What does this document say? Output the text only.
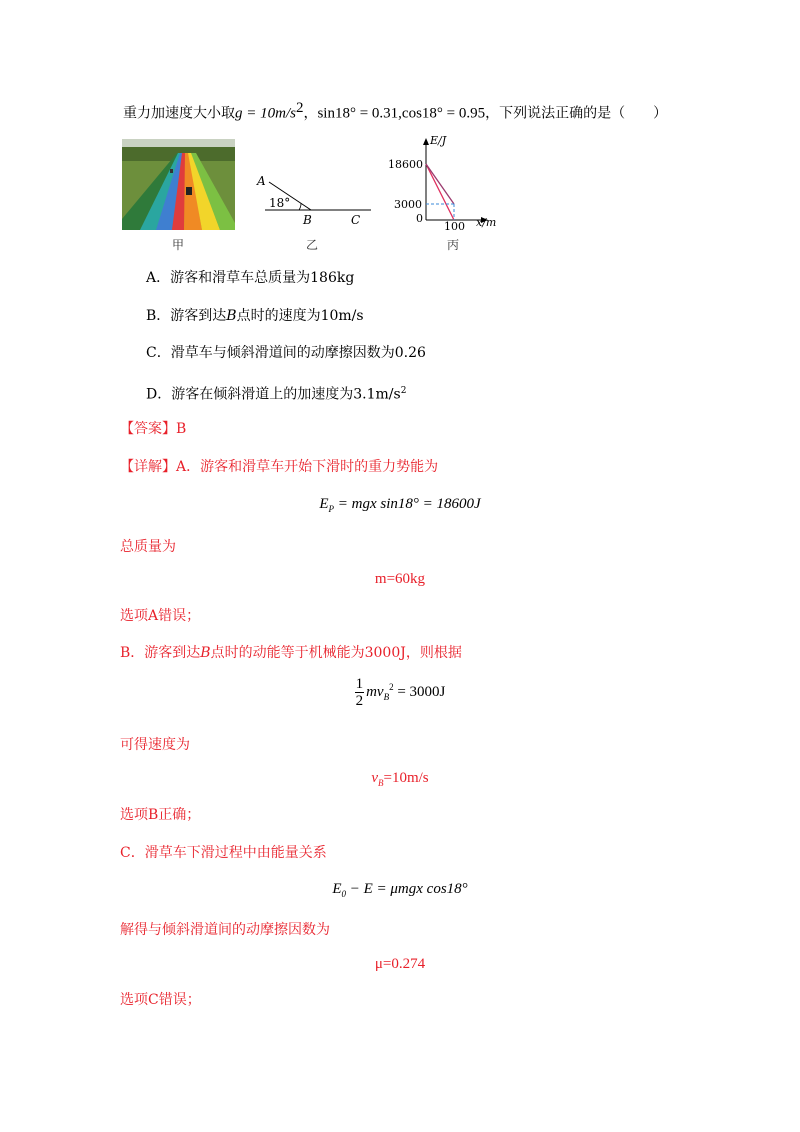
重力加速度大小取$g = 10m/s^2$，sin18° = 0.31,cos18° = 0.95，下列说法正确的是（　　）
甲
A
18°
B	C
乙
E/J
18600
3000
0
100 x/m
丙
A．游客和滑草车总质量为186kg
B．游客到达B点时的速度为10m/s
C．滑草车与倾斜滑道间的动摩擦因数为0.26
D．游客在倾斜滑道上的加速度为$3.1m/s^2$
【答案】B
【详解】A．游客和滑草车开始下滑时的重力势能为
$E_P$ = mgx sin18° = 18600J
总质量为
m=60kg
选项A错误；
B．游客到达B点时的动能等于机械能为3000J，则根据
$\frac{1}{2} mv_B^2 = 3000J$
可得速度为
$v_B=10m/s$
选项B正确；
C．滑草车下滑过程中由能量关系
$E_0 - E = \mu mgx$ cos18°
解得与倾斜滑道间的动摩擦因数为
μ=0.274
选项C错误；
